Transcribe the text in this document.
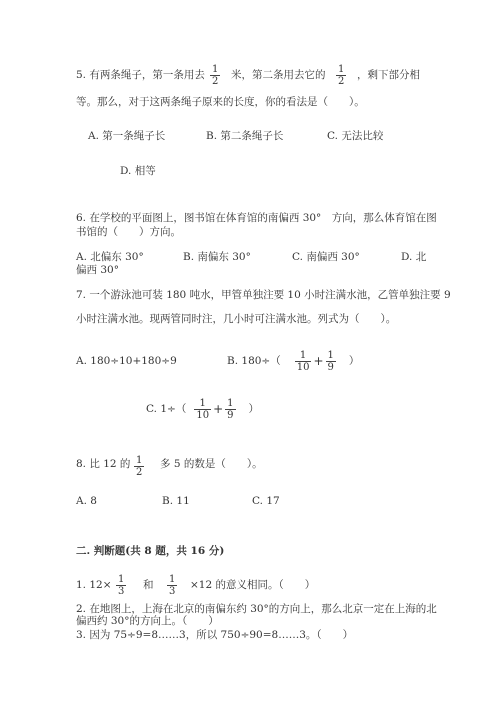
5. 有两条绳子，第一条用去 $\frac{1}{2}$ 米，第二条用去它的 $\frac{1}{2}$ ，剩下部分相
等。那么，对于这两条绳子原来的长度，你的看法是（　　）。
A. 第一条绳子长	B. 第二条绳子长	C. 无法比较
D. 相等
6. 在学校的平面图上，图书馆在体育馆的南偏西 30°　方向，那么体育馆在图
书馆的（　　）方向。
A. 北偏东 30°	B. 南偏东 30°	C. 南偏西 30°	D. 北
偏西 30°
7. 一个游泳池可装 180 吨水，甲管单独注要 10 小时注满水池，乙管单独注要 9
小时注满水池。现两管同时注，几小时可注满水池。列式为（　　）。
A. 180÷10+180÷9	B. $180\div( \frac{1}{10} + \frac{1}{9}$ ）
C. $1\div( \frac{1}{10} + \frac{1}{9}$ ）
8. 比 12 的 $\frac{1}{2}$ 多 5 的数是（　　）。
A. 8	B. 11	C. 17
二. 判断题(共 8 题，共 16 分)
1. $12\times \frac{1}{3}$ 和 $\frac{1}{3} \times 12$ 的意义相同。（　　）
2. 在地图上，上海在北京的南偏东约 30°的方向上，那么北京一定在上海的北
偏西约 30°的方向上。（　　）
3. 因为 75÷9=8……3，所以 750÷90=8……3。（　　）
